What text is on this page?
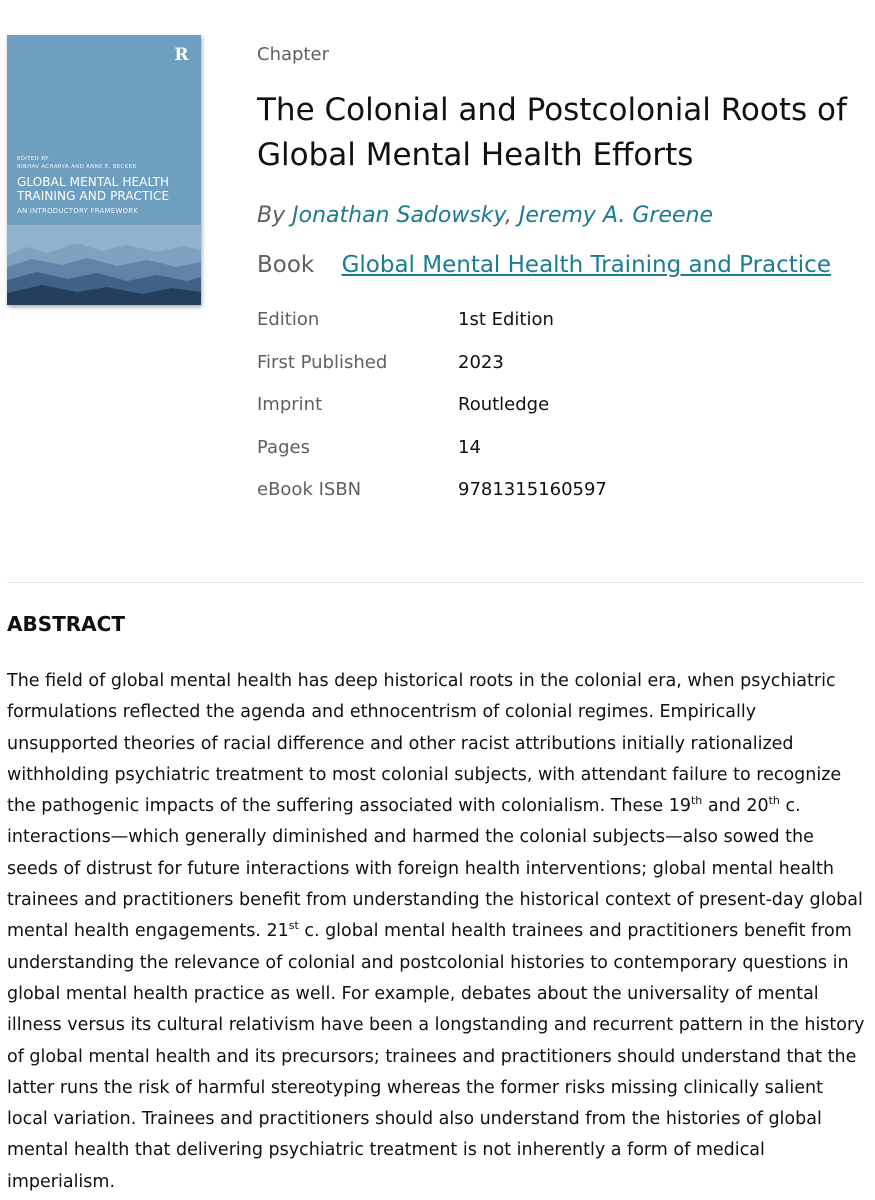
R
EDITED BY
BIBHAV ACHARYA AND ANNE E. BECKER
GLOBAL MENTAL HEALTH
TRAINING AND PRACTICE
AN INTRODUCTORY FRAMEWORK
Chapter
The Colonial and Postcolonial Roots of Global Mental Health Efforts
By Jonathan Sadowsky, Jeremy A. Greene
Book Global Mental Health Training and Practice
Edition	1st Edition
First Published	2023
Imprint	Routledge
Pages	14
eBook ISBN	9781315160597
ABSTRACT

The field of global mental health has deep historical roots in the colonial era, when psychiatric formulations reflected the agenda and ethnocentrism of colonial regimes. Empirically unsupported theories of racial difference and other racist attributions initially rationalized withholding psychiatric treatment to most colonial subjects, with attendant failure to recognize the pathogenic impacts of the suffering associated with colonialism. These 19th and 20th c. interactions—which generally diminished and harmed the colonial subjects—also sowed the seeds of distrust for future interactions with foreign health interventions; global mental health trainees and practitioners benefit from understanding the historical context of present-day global mental health engagements. 21st c. global mental health trainees and practitioners benefit from understanding the relevance of colonial and postcolonial histories to contemporary questions in global mental health practice as well. For example, debates about the universality of mental illness versus its cultural relativism have been a longstanding and recurrent pattern in the history of global mental health and its precursors; trainees and practitioners should understand that the latter runs the risk of harmful stereotyping whereas the former risks missing clinically salient local variation. Trainees and practitioners should also understand from the histories of global mental health that delivering psychiatric treatment is not inherently a form of medical imperialism.
